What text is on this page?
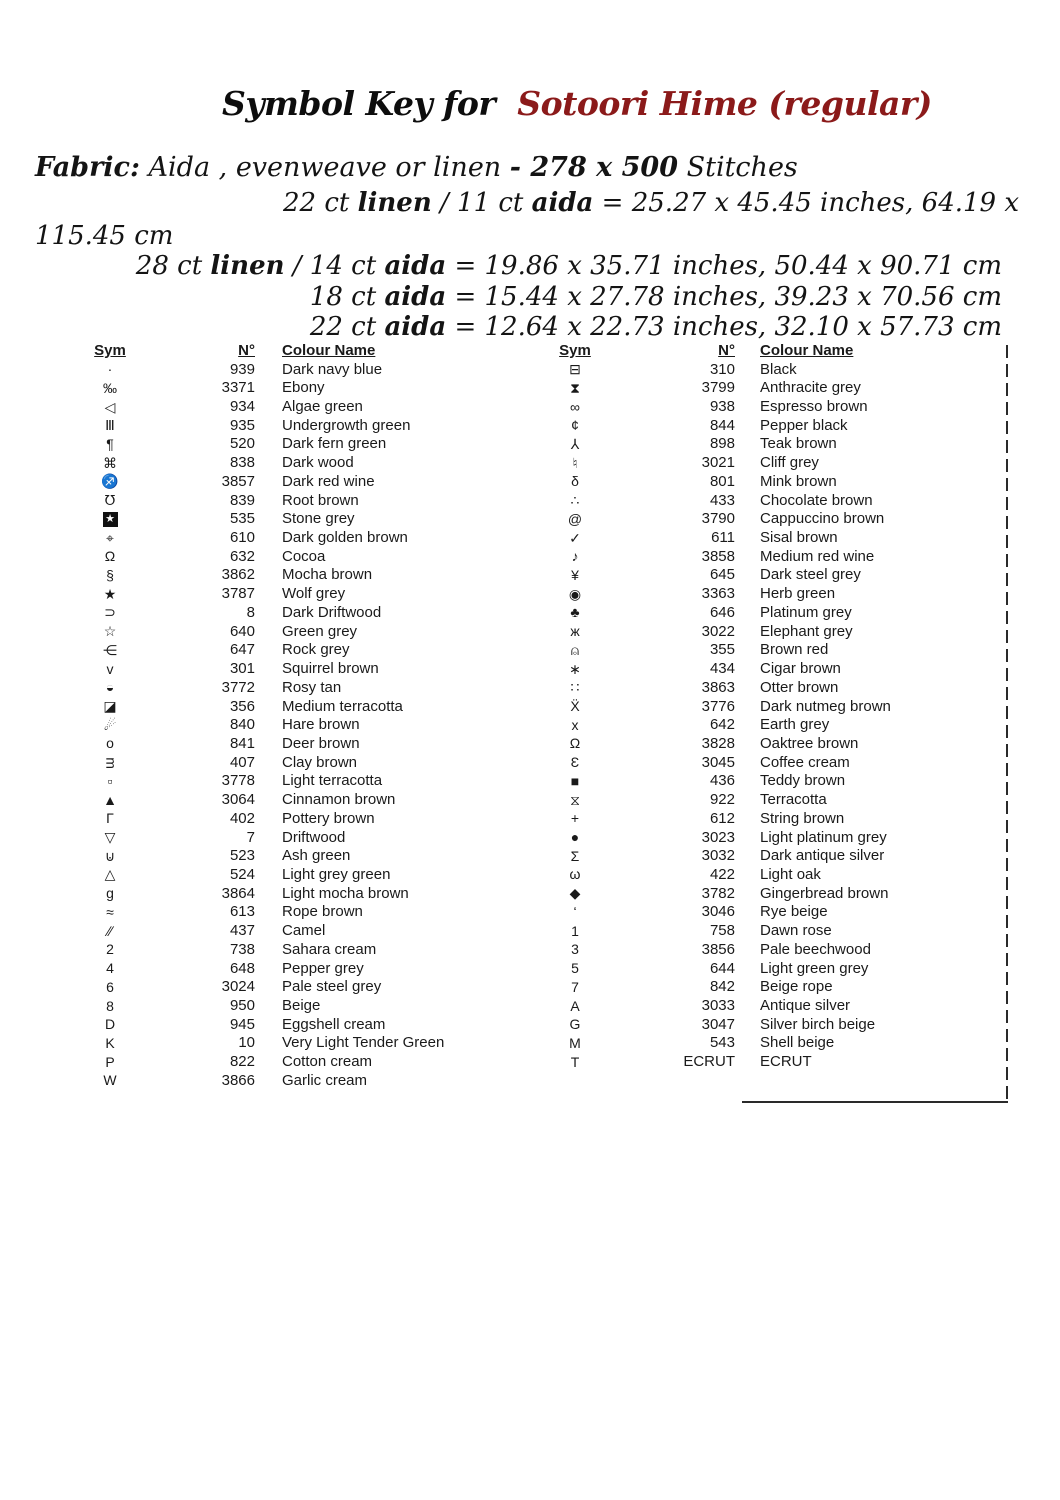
Symbol Key for Sotoori Hime (regular)
Fabric: Aida , evenweave or linen - 278 x 500 Stitches
22 ct linen / 11 ct aida = 25.27 x 45.45 inches, 64.19 x
115.45 cm
28 ct linen / 14 ct aida = 19.86 x 35.71 inches, 50.44 x 90.71 cm
18 ct aida = 15.44 x 27.78 inches, 39.23 x 70.56 cm
22 ct aida = 12.64 x 22.73 inches, 32.10 x 57.73 cm
Sym	N°	Colour Name
·	939	Dark navy blue
‰	3371	Ebony
◁	934	Algae green
Ⅲ	935	Undergrowth green
¶	520	Dark fern green
⌘	838	Dark wood
♐	3857	Dark red wine
℧	839	Root brown
★	535	Stone grey
⌖	610	Dark golden brown
Ω	632	Cocoa
§	3862	Mocha brown
★	3787	Wolf grey
⊃	8	Dark Driftwood
☆	640	Green grey
⋲	647	Rock grey
ᴠ	301	Squirrel brown
◒	3772	Rosy tan
◪	356	Medium terracotta
☄	840	Hare brown
o	841	Deer brown
ᴟ	407	Clay brown
▫	3778	Light terracotta
▲	3064	Cinnamon brown
Γ	402	Pottery brown
▽	7	Driftwood
⊍	523	Ash green
△	524	Light grey green
g	3864	Light mocha brown
≈	613	Rope brown
∕∕	437	Camel
2	738	Sahara cream
4	648	Pepper grey
6	3024	Pale steel grey
8	950	Beige
D	945	Eggshell cream
K	10	Very Light Tender Green
P	822	Cotton cream
W	3866	Garlic cream
Sym	N°	Colour Name
⊟	310	Black
⧗	3799	Anthracite grey
∞	938	Espresso brown
¢	844	Pepper black
⅄	898	Teak brown
♮	3021	Cliff grey
δ	801	Mink brown
∴	433	Chocolate brown
@	3790	Cappuccino brown
✓	611	Sisal brown
♪	3858	Medium red wine
¥	645	Dark steel grey
◉	3363	Herb green
♣	646	Platinum grey
ж	3022	Elephant grey
⍝	355	Brown red
∗	434	Cigar brown
∷	3863	Otter brown
Ẍ	3776	Dark nutmeg brown
x	642	Earth grey
Ω	3828	Oaktree brown
Ɛ	3045	Coffee cream
■	436	Teddy brown
⧖	922	Terracotta
+	612	String brown
●	3023	Light platinum grey
Σ	3032	Dark antique silver
ω	422	Light oak
◆	3782	Gingerbread brown
ʻ	3046	Rye beige
1	758	Dawn rose
3	3856	Pale beechwood
5	644	Light green grey
7	842	Beige rope
A	3033	Antique silver
G	3047	Silver birch beige
M	543	Shell beige
T	ECRUT	ECRUT
